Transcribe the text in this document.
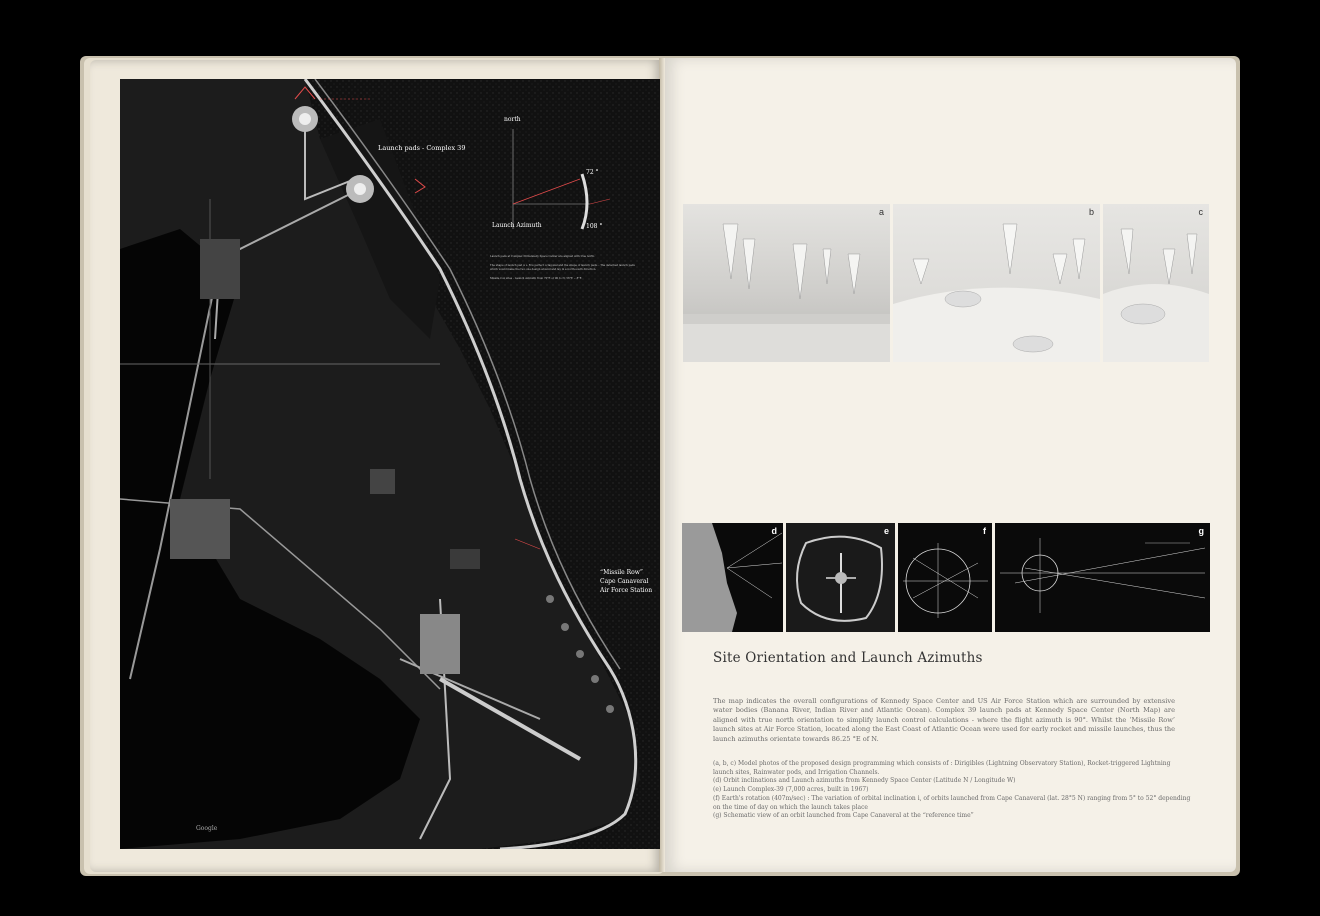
Launch pads - Complex 39
north
Launch Azimuth
72 °
108 °
Launch pads at Complex 39 Kennedy Space Center are aligned with true north.
The shape of launch pad A + B is perfect octagonal and the shape of launch pads... The detached launch pads which would make the two one design around and lay in a north-south direction.
Missile row sites - Launch Azimuth from 70°E or 90 to N: 56°E ~ 8°E
“Missile Row”
Cape Canaveral
Air Force Station
Google
a	b	c
d	e	f	g
Site Orientation and Launch Azimuths
The map indicates the overall configurations of Kennedy Space Center and US Air Force Station which are surrounded by extensive water bodies (Banana River, Indian River and Atlantic Ocean). Complex 39 launch pads at Kennedy Space Center (North Map) are aligned with true north orientation to simplify launch control calculations - where the flight azimuth is 90°. Whilst the ‘Missile Row’ launch sites at Air Force Station, located along the East Coast of Atlantic Ocean were used for early rocket and missile launches, thus the launch azimuths orientate towards 86.25 °E of N.
(a, b, c) Model photos of the proposed design programming which consists of : Dirigibles (Lightning Observatory Station), Rocket-triggered Lightning
launch sites, Rainwater pods, and Irrigation Channels.
(d) Orbit inclinations and Launch azimuths from Kennedy Space Center (Latitude N / Longitude W)
(e) Launch Complex-39 (7,000 acres, built in 1967)
(f) Earth's rotation (407m/sec) : The variation of orbital inclination i, of orbits launched from Cape Canaveral (lat. 28°5 N) ranging from 5° to 52° depending
on the time of day on which the launch takes place
(g) Schematic view of an orbit launched from Cape Canaveral at the “reference time”
